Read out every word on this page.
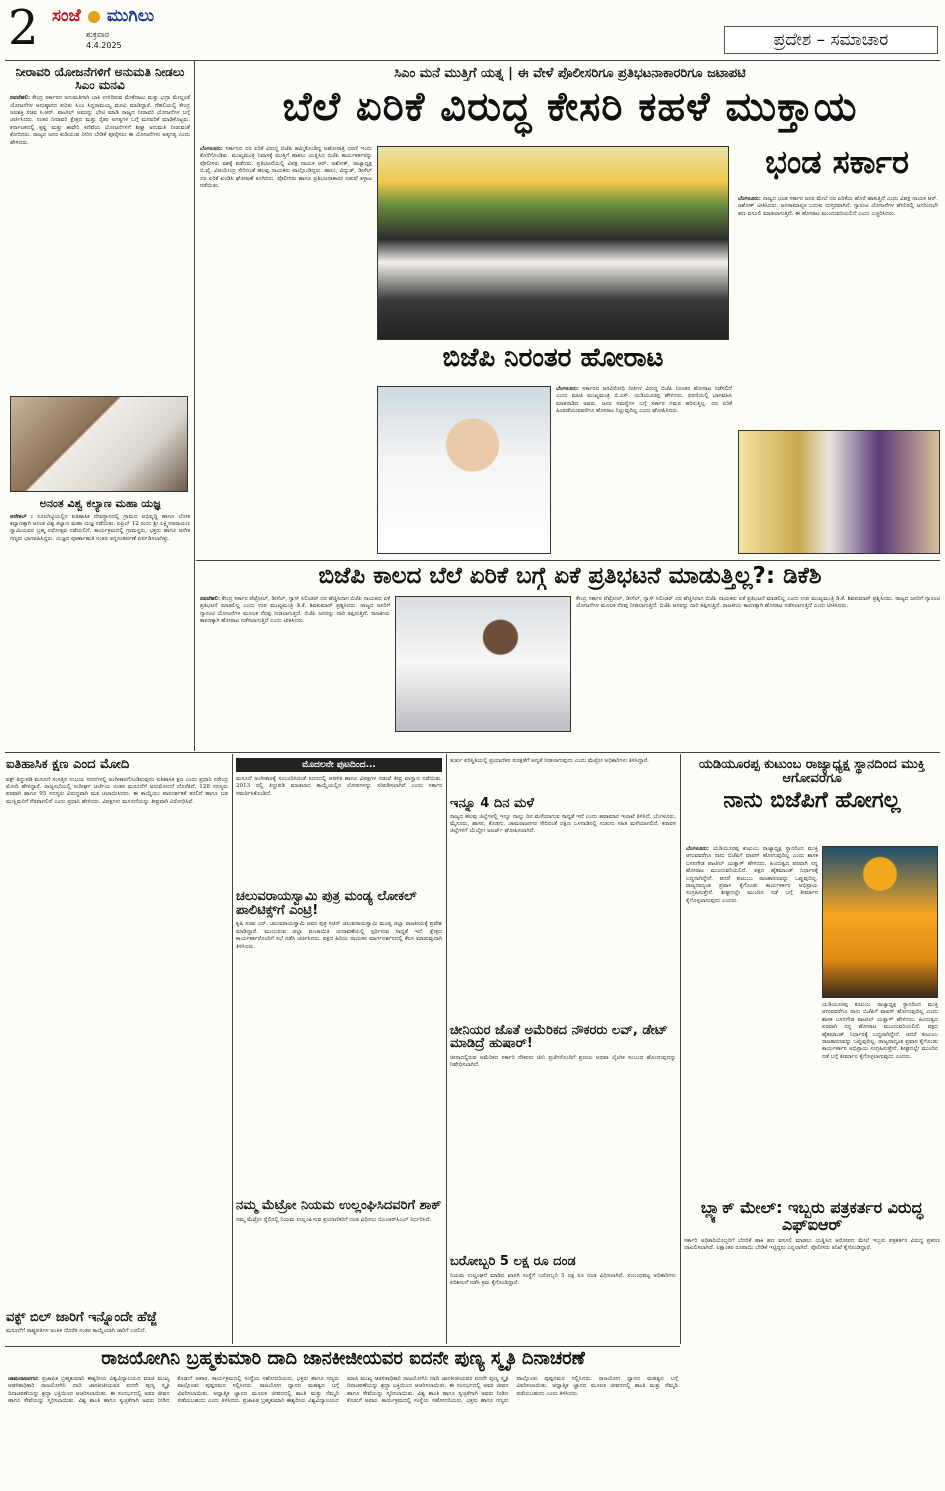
2 ಸಂಜೆ ಮುಗಿಲು
ಶುಕ್ರವಾರ
4.4.2025	ಪ್ರದೇಶ – ಸಮಾಚಾರ
ನೀರಾವರಿ ಯೋಜನೆಗಳಿಗೆ ಅನುಮತಿ ನೀಡಲು ಸಿಎಂ ಮನವಿ
ನವದೆಹಲಿ: ಕೇಂದ್ರ ಸರ್ಕಾರದ ಅನುಮತಿಗಾಗಿ ಬಾಕಿ ಉಳಿದಿರುವ ಮೇಕೆದಾಟು ಮತ್ತು ಭದ್ರಾ ಮೇಲ್ದಂಡೆ ಯೋಜನೆಗಳ ಅನುಷ್ಠಾನದ ಕುರಿತು ಸಿಎಂ ಸಿದ್ದರಾಮಯ್ಯ ಮನವಿ ಮಾಡಿದ್ದಾರೆ. ದೆಹಲಿಯಲ್ಲಿ ಕೇಂದ್ರ ಜಲಶಕ್ತಿ ಸಚಿವ ಸಿ.ಆರ್. ಪಾಟೀಲ್ ಅವರನ್ನು ಭೇಟಿ ಮಾಡಿ ರಾಜ್ಯದ ನೀರಾವರಿ ಯೋಜನೆಗಳ ಬಗ್ಗೆ ಚರ್ಚಿಸಿದರು. ನಂತರ ನೀರಾವರಿ ಕ್ಷೇತ್ರದ ಮತ್ತು ರೈತರ ಅಗತ್ಯಗಳ ಬಗ್ಗೆ ಮನವರಿಕೆ ಮಾಡಿಕೊಟ್ಟರು. ಕರ್ನಾಟಕದಲ್ಲಿ ಕೃಷ್ಣ ಮತ್ತು ಕಾವೇರಿ ಕಣಿವೆಯ ಯೋಜನೆಗಳಿಗೆ ಶೀಘ್ರ ಅನುಮತಿ ನೀಡುವಂತೆ ಕೋರಿದರು. ರಾಜ್ಯದ ಜನರ ಕುಡಿಯುವ ನೀರಿನ ಬೇಡಿಕೆ ಪೂರೈಸಲು ಈ ಯೋಜನೆಗಳು ಅತ್ಯಗತ್ಯ ಎಂದು ಹೇಳಿದರು.
ಅನಂತ ವಿಶ್ವ ಕಲ್ಯಾಣ ಮಹಾ ಯಜ್ಞ
ಆನೇಕಲ್ : ಸೂಲಗಿಟ್ಟಿಯಲ್ಲಿನ ಐತಿಹಾಸಿಕ ದೇವಸ್ಥಾನದಲ್ಲಿ ಗ್ರಾಮದ ಅಭಿವೃದ್ಧಿ ಹಾಗೂ ಲೋಕ ಕಲ್ಯಾಣಕ್ಕಾಗಿ ಅನಂತ ವಿಶ್ವ ಕಲ್ಯಾಣ ಮಹಾ ಯಜ್ಞ ನಡೆಯಿತು. ಏಪ್ರಿಲ್ 12 ರಂದು ಶ್ರೀ ಲಕ್ಷ್ಮೀನಾರಾಯಣ ಸ್ವಾಮಿಯವರ ಬ್ರಹ್ಮ ರಥೋತ್ಸವ ನಡೆಯಲಿದೆ. ಕಾರ್ಯಕ್ರಮದಲ್ಲಿ ಗ್ರಾಮಸ್ಥರು, ಭಕ್ತರು ಹಾಗೂ ಅನೇಕ ಗಣ್ಯರು ಭಾಗವಹಿಸಿದ್ದರು. ಯಜ್ಞದ ಪೂರ್ಣಾಹುತಿ ನಂತರ ಅನ್ನಸಂತರ್ಪಣೆ ಏರ್ಪಡಿಸಲಾಗಿತ್ತು.
ಸಿಎಂ ಮನೆ ಮುತ್ತಿಗೆ ಯತ್ನ | ಈ ವೇಳೆ ಪೊಲೀಸರಿಗೂ ಪ್ರತಿಭಟನಾಕಾರರಿಗೂ ಜಟಾಪಟಿ
ಬೆಲೆ ಏರಿಕೆ ವಿರುದ್ಧ ಕೇಸರಿ ಕಹಳೆ ಮುಕ್ತಾಯ
ಬೆಂಗಳೂರು: ಸರ್ಕಾರದ ದರ ಏರಿಕೆ ವಿರುದ್ಧ ಬಿಜೆಪಿ ಹಮ್ಮಿಕೊಂಡಿದ್ದ ಅಹೋರಾತ್ರಿ ಧರಣಿ ಇಂದು ಕೊನೆಗೊಂಡಿತು. ಮುಖ್ಯಮಂತ್ರಿ ನಿವಾಸಕ್ಕೆ ಮುತ್ತಿಗೆ ಹಾಕಲು ಯತ್ನಿಸಿದ ಬಿಜೆಪಿ ಕಾರ್ಯಕರ್ತರನ್ನು ಪೊಲೀಸರು ವಶಕ್ಕೆ ಪಡೆದರು. ಪ್ರತಿಭಟನೆಯಲ್ಲಿ ವಿಪಕ್ಷ ನಾಯಕ ಆರ್. ಅಶೋಕ್, ರಾಜ್ಯಾಧ್ಯಕ್ಷ ಬಿ.ವೈ. ವಿಜಯೇಂದ್ರ ಸೇರಿದಂತೆ ಹಲವು ನಾಯಕರು ಪಾಲ್ಗೊಂಡಿದ್ದರು. ಹಾಲು, ವಿದ್ಯುತ್, ಡೀಸೆಲ್ ದರ ಏರಿಕೆ ಖಂಡಿಸಿ ಘೋಷಣೆ ಕೂಗಿದರು. ಪೊಲೀಸರು ಹಾಗೂ ಪ್ರತಿಭಟನಾಕಾರರ ನಡುವೆ ತಳ್ಳಾಟ ನಡೆಯಿತು.
ಭಂಡ ಸರ್ಕಾರ
ಬೆಂಗಳೂರು: ರಾಜ್ಯದ ಭಂಡ ಸರ್ಕಾರ ಜನರ ಮೇಲೆ ದರ ಏರಿಕೆಯ ಹೊರೆ ಹಾಕುತ್ತಿದೆ ಎಂದು ವಿಪಕ್ಷ ನಾಯಕ ಆರ್. ಅಶೋಕ್ ಟೀಕಿಸಿದರು. ಜನಸಾಮಾನ್ಯರ ಬದುಕು ದುಸ್ತರವಾಗಿದೆ. ಗ್ಯಾರಂಟಿ ಯೋಜನೆಗಳ ಹೆಸರಿನಲ್ಲಿ ಜನರಿಂದಲೇ ಹಣ ವಸೂಲಿ ಮಾಡಲಾಗುತ್ತಿದೆ. ಈ ಹೋರಾಟ ಮುಂದುವರಿಯಲಿದೆ ಎಂದು ಎಚ್ಚರಿಸಿದರು.
ಬಿಜೆಪಿ ನಿರಂತರ ಹೋರಾಟ
ಬೆಂಗಳೂರು: ಸರ್ಕಾರದ ಜನವಿರೋಧಿ ನೀತಿಗಳ ವಿರುದ್ಧ ಬಿಜೆಪಿ ನಿರಂತರ ಹೋರಾಟ ನಡೆಸಲಿದೆ ಎಂದು ಮಾಜಿ ಮುಖ್ಯಮಂತ್ರಿ ಬಿ.ಎಸ್. ಯಡಿಯೂರಪ್ಪ ಹೇಳಿದರು. ಧರಣಿಯಲ್ಲಿ ಭಾಗವಹಿಸಿ ಮಾತನಾಡಿದ ಅವರು, ಜನರ ಸಮಸ್ಯೆಗಳ ಬಗ್ಗೆ ಸರ್ಕಾರ ಗಮನ ಹರಿಸುತ್ತಿಲ್ಲ. ದರ ಏರಿಕೆ ಹಿಂಪಡೆಯುವವರೆಗೂ ಹೋರಾಟ ನಿಲ್ಲುವುದಿಲ್ಲ ಎಂದು ಘೋಷಿಸಿದರು.
ಬಿಜೆಪಿ ಕಾಲದ ಬೆಲೆ ಏರಿಕೆ ಬಗ್ಗೆ ಏಕೆ ಪ್ರತಿಭಟನೆ ಮಾಡುತ್ತಿಲ್ಲ?: ಡಿಕೆಶಿ
ನವದೆಹಲಿ: ಕೇಂದ್ರ ಸರ್ಕಾರ ಪೆಟ್ರೋಲ್, ಡೀಸೆಲ್, ಗ್ಯಾಸ್ ಸಿಲಿಂಡರ್ ದರ ಹೆಚ್ಚಿಸಿದಾಗ ಬಿಜೆಪಿ ನಾಯಕರು ಏಕೆ ಪ್ರತಿಭಟನೆ ಮಾಡಲಿಲ್ಲ ಎಂದು ಉಪ ಮುಖ್ಯಮಂತ್ರಿ ಡಿ.ಕೆ. ಶಿವಕುಮಾರ್ ಪ್ರಶ್ನಿಸಿದರು. ರಾಜ್ಯದ ಜನರಿಗೆ ಗ್ಯಾರಂಟಿ ಯೋಜನೆಗಳ ಮೂಲಕ ನೆರವು ನೀಡಲಾಗುತ್ತಿದೆ. ಬಿಜೆಪಿ ಜನರನ್ನು ದಾರಿ ತಪ್ಪಿಸುತ್ತಿದೆ. ರಾಜಕೀಯ ಕಾರಣಕ್ಕಾಗಿ ಹೋರಾಟ ನಡೆಸಲಾಗುತ್ತಿದೆ ಎಂದು ಟೀಕಿಸಿದರು.
ಕೇಂದ್ರ ಸರ್ಕಾರ ಪೆಟ್ರೋಲ್, ಡೀಸೆಲ್, ಗ್ಯಾಸ್ ಸಿಲಿಂಡರ್ ದರ ಹೆಚ್ಚಿಸಿದಾಗ ಬಿಜೆಪಿ ನಾಯಕರು ಏಕೆ ಪ್ರತಿಭಟನೆ ಮಾಡಲಿಲ್ಲ ಎಂದು ಉಪ ಮುಖ್ಯಮಂತ್ರಿ ಡಿ.ಕೆ. ಶಿವಕುಮಾರ್ ಪ್ರಶ್ನಿಸಿದರು. ರಾಜ್ಯದ ಜನರಿಗೆ ಗ್ಯಾರಂಟಿ ಯೋಜನೆಗಳ ಮೂಲಕ ನೆರವು ನೀಡಲಾಗುತ್ತಿದೆ. ಬಿಜೆಪಿ ಜನರನ್ನು ದಾರಿ ತಪ್ಪಿಸುತ್ತಿದೆ. ರಾಜಕೀಯ ಕಾರಣಕ್ಕಾಗಿ ಹೋರಾಟ ನಡೆಸಲಾಗುತ್ತಿದೆ ಎಂದು ಟೀಕಿಸಿದರು.
ಐತಿಹಾಸಿಕ ಕ್ಷಣ ಎಂದ ಮೋದಿ
ವಕ್ಫ್ ತಿದ್ದುಪಡಿ ಮಸೂದೆ ಸಂಸತ್ತಿನ ಉಭಯ ಸದನಗಳಲ್ಲಿ ಅಂಗೀಕಾರಗೊಂಡಿರುವುದು ಐತಿಹಾಸಿಕ ಕ್ಷಣ ಎಂದು ಪ್ರಧಾನಿ ನರೇಂದ್ರ ಮೋದಿ ಹೇಳಿದ್ದಾರೆ. ರಾಜ್ಯಸಭೆಯಲ್ಲಿ ಸುದೀರ್ಘ ಚರ್ಚೆಯ ನಂತರ ಮಸೂದೆಗೆ ಅನುಮೋದನೆ ದೊರೆತಿದೆ. 128 ಸದಸ್ಯರು ಪರವಾಗಿ ಹಾಗೂ 95 ಸದಸ್ಯರು ವಿರುದ್ಧವಾಗಿ ಮತ ಚಲಾಯಿಸಿದರು. ಈ ಕಾಯ್ದೆಯು ಪಾರದರ್ಶಕತೆ ತರಲಿದೆ ಹಾಗೂ ಬಡ ಮುಸ್ಲಿಮರಿಗೆ ನೆರವಾಗಲಿದೆ ಎಂದು ಪ್ರಧಾನಿ ಹೇಳಿದರು. ವಿಪಕ್ಷಗಳು ಮಸೂದೆಯನ್ನು ತೀವ್ರವಾಗಿ ವಿರೋಧಿಸಿವೆ.
ವಕ್ಫ್ ಬಿಲ್ ಜಾರಿಗೆ ಇನ್ನೊಂದೇ ಹೆಜ್ಜೆ
ಮಸೂದೆಗೆ ರಾಷ್ಟ್ರಪತಿಗಳ ಅಂಕಿತ ದೊರೆತ ನಂತರ ಕಾಯ್ದೆಯಾಗಿ ಜಾರಿಗೆ ಬರಲಿದೆ.
ಮೊದಲನೇ ಪುಟದಿಂದ...
ಮಸೂದೆ ಅಂಗೀಕಾರಕ್ಕೆ ಸಂಬಂಧಿಸಿದಂತೆ ಸದನದಲ್ಲಿ ಆಡಳಿತ ಹಾಗೂ ವಿಪಕ್ಷಗಳ ನಡುವೆ ತೀವ್ರ ವಾಗ್ವಾದ ನಡೆಯಿತು. 2013 ರಲ್ಲಿ ತಿದ್ದುಪಡಿ ಮಾಡಲಾದ ಕಾಯ್ದೆಯಲ್ಲಿನ ಲೋಪಗಳನ್ನು ಸರಿಪಡಿಸಲಾಗಿದೆ ಎಂದು ಸರ್ಕಾರ ಸಮರ್ಥಿಸಿಕೊಂಡಿದೆ.
ಚಲುವರಾಯಸ್ವಾಮಿ ಪುತ್ರ ಮಂಡ್ಯ ಲೋಕಲ್ ಪಾಲಿಟಿಕ್ಸ್‌ಗೆ ಎಂಟ್ರಿ!
ಕೃಷಿ ಸಚಿವ ಎನ್. ಚಲುವರಾಯಸ್ವಾಮಿ ಅವರ ಪುತ್ರ ಸಚಿನ್ ಚಲುವರಾಯಸ್ವಾಮಿ ಮಂಡ್ಯ ಜಿಲ್ಲಾ ರಾಜಕೀಯಕ್ಕೆ ಪ್ರವೇಶ ಮಾಡಿದ್ದಾರೆ. ಮುಂಬರುವ ಜಿಲ್ಲಾ ಪಂಚಾಯಿತಿ ಚುನಾವಣೆಯಲ್ಲಿ ಸ್ಪರ್ಧಿಸುವ ಸಾಧ್ಯತೆ ಇದೆ. ಕ್ಷೇತ್ರದ ಕಾರ್ಯಕರ್ತರೊಂದಿಗೆ ಸಭೆ ನಡೆಸಿ ಚರ್ಚಿಸಿದರು. ಪಕ್ಷದ ಹಿರಿಯ ನಾಯಕರ ಮಾರ್ಗದರ್ಶನದಲ್ಲಿ ಕೆಲಸ ಮಾಡುವುದಾಗಿ ತಿಳಿಸಿದರು.
ನಮ್ಮ ಮೆಟ್ರೋ ನಿಯಮ ಉಲ್ಲಂಘಿಸಿದವರಿಗೆ ಶಾಕ್
ನಮ್ಮ ಮೆಟ್ರೋ ರೈಲಿನಲ್ಲಿ ನಿಯಮ ಉಲ್ಲಂಘಿಸುವ ಪ್ರಯಾಣಿಕರಿಗೆ ದಂಡ ವಿಧಿಸಲು ಬಿಎಂಆರ್‌ಸಿಎಲ್ ನಿರ್ಧರಿಸಿದೆ.
ತುರ್ತು ಪರಿಸ್ಥಿತಿಯಲ್ಲಿ ಪ್ರಯಾಣಿಕರ ಸುರಕ್ಷತೆಗೆ ಆದ್ಯತೆ ನೀಡಲಾಗುವುದು ಎಂದು ಮೆಟ್ರೋ ಅಧಿಕಾರಿಗಳು ತಿಳಿಸಿದ್ದಾರೆ.
ಇನ್ನೂ 4 ದಿನ ಮಳೆ
ರಾಜ್ಯದ ಹಲವು ಜಿಲ್ಲೆಗಳಲ್ಲಿ ಇನ್ನೂ ನಾಲ್ಕು ದಿನ ಮಳೆಯಾಗುವ ಸಾಧ್ಯತೆ ಇದೆ ಎಂದು ಹವಾಮಾನ ಇಲಾಖೆ ತಿಳಿಸಿದೆ. ಬೆಂಗಳೂರು, ಮೈಸೂರು, ಹಾಸನ, ಕೊಡಗು, ಚಾಮರಾಜನಗರ ಸೇರಿದಂತೆ ದಕ್ಷಿಣ ಒಳನಾಡಿನಲ್ಲಿ ಗುಡುಗು ಸಹಿತ ಮಳೆಯಾಗಲಿದೆ. ಕರಾವಳಿ ಜಿಲ್ಲೆಗಳಿಗೆ ಯೆಲ್ಲೋ ಅಲರ್ಟ್ ಘೋಷಿಸಲಾಗಿದೆ.
ಚೀನಿಯರ ಜೊತೆ ಅಮೆರಿಕದ ನೌಕರರು ಲವ್, ಡೇಟ್ ಮಾಡಿದ್ರೆ ಹುಷಾರ್!
ಚೀನಾದಲ್ಲಿರುವ ಅಮೆರಿಕದ ಸರ್ಕಾರಿ ನೌಕರರು ಚೀನಿ ಪ್ರಜೆಗಳೊಂದಿಗೆ ಪ್ರಣಯ ಅಥವಾ ಲೈಂಗಿಕ ಸಂಬಂಧ ಹೊಂದುವುದನ್ನು ನಿಷೇಧಿಸಲಾಗಿದೆ.
ಬರೋಬ್ಬರಿ 5 ಲಕ್ಷ ರೂ ದಂಡ
ನಿಯಮ ಉಲ್ಲಂಘನೆ ಮಾಡಿದ ಖಾಸಗಿ ಸಂಸ್ಥೆಗೆ ಬರೋಬ್ಬರಿ 5 ಲಕ್ಷ ರೂ ದಂಡ ವಿಧಿಸಲಾಗಿದೆ. ಸಂಬಂಧಪಟ್ಟ ಅಧಿಕಾರಿಗಳು ಪರಿಶೀಲನೆ ನಡೆಸಿ ಕ್ರಮ ಕೈಗೊಂಡಿದ್ದಾರೆ.
ಯಡಿಯೂರಪ್ಪ ಕುಟುಂಬ ರಾಜ್ಯಾಧ್ಯಕ್ಷ ಸ್ಥಾನದಿಂದ ಮುಕ್ತಿ ಆಗೋವರೆಗೂ
ನಾನು ಬಿಜೆಪಿಗೆ ಹೋಗಲ್ಲ
ಬೆಂಗಳೂರು: ಯಡಿಯೂರಪ್ಪ ಕುಟುಂಬ ರಾಜ್ಯಾಧ್ಯಕ್ಷ ಸ್ಥಾನದಿಂದ ಮುಕ್ತಿ ಆಗುವವರೆಗೂ ನಾನು ಬಿಜೆಪಿಗೆ ವಾಪಸ್ ಹೋಗುವುದಿಲ್ಲ ಎಂದು ಶಾಸಕ ಬಸನಗೌಡ ಪಾಟೀಲ್ ಯತ್ನಾಳ್ ಹೇಳಿದರು. ಹಿಂದುತ್ವದ ಪರವಾಗಿ ನನ್ನ ಹೋರಾಟ ಮುಂದುವರಿಯಲಿದೆ. ಪಕ್ಷದ ಹೈಕಮಾಂಡ್ ನಿರ್ಧಾರಕ್ಕೆ ಬದ್ಧನಾಗಿದ್ದೇನೆ. ಆದರೆ ಕುಟುಂಬ ರಾಜಕಾರಣವನ್ನು ಒಪ್ಪುವುದಿಲ್ಲ. ರಾಜ್ಯದಾದ್ಯಂತ ಪ್ರವಾಸ ಕೈಗೊಂಡು ಕಾರ್ಯಕರ್ತರ ಅಭಿಪ್ರಾಯ ಸಂಗ್ರಹಿಸುತ್ತೇನೆ. ಶೀಘ್ರದಲ್ಲೇ ಮುಂದಿನ ನಡೆ ಬಗ್ಗೆ ತೀರ್ಮಾನ ಕೈಗೊಳ್ಳಲಾಗುವುದು ಎಂದರು.
ಯಡಿಯೂರಪ್ಪ ಕುಟುಂಬ ರಾಜ್ಯಾಧ್ಯಕ್ಷ ಸ್ಥಾನದಿಂದ ಮುಕ್ತಿ ಆಗುವವರೆಗೂ ನಾನು ಬಿಜೆಪಿಗೆ ವಾಪಸ್ ಹೋಗುವುದಿಲ್ಲ ಎಂದು ಶಾಸಕ ಬಸನಗೌಡ ಪಾಟೀಲ್ ಯತ್ನಾಳ್ ಹೇಳಿದರು. ಹಿಂದುತ್ವದ ಪರವಾಗಿ ನನ್ನ ಹೋರಾಟ ಮುಂದುವರಿಯಲಿದೆ. ಪಕ್ಷದ ಹೈಕಮಾಂಡ್ ನಿರ್ಧಾರಕ್ಕೆ ಬದ್ಧನಾಗಿದ್ದೇನೆ. ಆದರೆ ಕುಟುಂಬ ರಾಜಕಾರಣವನ್ನು ಒಪ್ಪುವುದಿಲ್ಲ. ರಾಜ್ಯದಾದ್ಯಂತ ಪ್ರವಾಸ ಕೈಗೊಂಡು ಕಾರ್ಯಕರ್ತರ ಅಭಿಪ್ರಾಯ ಸಂಗ್ರಹಿಸುತ್ತೇನೆ. ಶೀಘ್ರದಲ್ಲೇ ಮುಂದಿನ ನಡೆ ಬಗ್ಗೆ ತೀರ್ಮಾನ ಕೈಗೊಳ್ಳಲಾಗುವುದು ಎಂದರು.
ಬ್ಲ್ಯಾಕ್ ಮೇಲ್: ಇಬ್ಬರು ಪತ್ರಕರ್ತರ ವಿರುದ್ಧ ಎಫ್‌ಐಆರ್
ಸರ್ಕಾರಿ ಅಧಿಕಾರಿಯೊಬ್ಬರಿಗೆ ಬೆದರಿಕೆ ಹಾಕಿ ಹಣ ವಸೂಲಿ ಮಾಡಲು ಯತ್ನಿಸಿದ ಆರೋಪದ ಮೇಲೆ ಇಬ್ಬರು ಪತ್ರಕರ್ತರ ವಿರುದ್ಧ ಪ್ರಕರಣ ದಾಖಲಿಸಲಾಗಿದೆ. ಲಕ್ಷಾಂತರ ರೂಪಾಯಿ ಬೇಡಿಕೆ ಇಟ್ಟಿದ್ದರು ಎನ್ನಲಾಗಿದೆ. ಪೊಲೀಸರು ತನಿಖೆ ಕೈಗೊಂಡಿದ್ದಾರೆ.
ರಾಜಯೋಗಿನಿ ಬ್ರಹ್ಮಕುಮಾರಿ ದಾದಿ ಜಾನಕೀಜೀಯವರ ಐದನೇ ಪುಣ್ಯ ಸ್ಮೃತಿ ದಿನಾಚರಣೆ
ಚಾಮರಾಜನಗರ: ಪ್ರಜಾಪಿತ ಬ್ರಹ್ಮಕುಮಾರಿ ಈಶ್ವರೀಯ ವಿಶ್ವವಿದ್ಯಾಲಯದ ಮಾಜಿ ಮುಖ್ಯ ಆಡಳಿತಾಧಿಕಾರಿ ರಾಜಯೋಗಿನಿ ದಾದಿ ಜಾನಕೀಜೀಯವರ ಐದನೇ ಪುಣ್ಯ ಸ್ಮೃತಿ ದಿನಾಚರಣೆಯನ್ನು ಶ್ರದ್ಧಾ ಭಕ್ತಿಯಿಂದ ಆಚರಿಸಲಾಯಿತು. ಈ ಸಂದರ್ಭದಲ್ಲಿ ಅವರ ಜೀವನ ಹಾಗೂ ಸೇವೆಯನ್ನು ಸ್ಮರಿಸಲಾಯಿತು. ವಿಶ್ವ ಶಾಂತಿ ಹಾಗೂ ಸ್ವಚ್ಛತೆಗಾಗಿ ಅವರು ನೀಡಿದ ಕೊಡುಗೆ ಅಪಾರ. ಕಾರ್ಯಕ್ರಮದಲ್ಲಿ ಸಂಸ್ಥೆಯ ಸಹೋದರಿಯರು, ಭಕ್ತರು ಹಾಗೂ ಗಣ್ಯರು ಪಾಲ್ಗೊಂಡು ಪುಷ್ಪನಮನ ಸಲ್ಲಿಸಿದರು. ರಾಜಯೋಗ ಧ್ಯಾನದ ಮಹತ್ವದ ಬಗ್ಗೆ ವಿವರಿಸಲಾಯಿತು. ಆಧ್ಯಾತ್ಮಿಕ ಜ್ಞಾನದ ಮೂಲಕ ಜೀವನದಲ್ಲಿ ಶಾಂತಿ ಮತ್ತು ನೆಮ್ಮದಿ ಪಡೆಯಬಹುದು ಎಂದು ತಿಳಿಸಿದರು. ಪ್ರಜಾಪಿತ ಬ್ರಹ್ಮಕುಮಾರಿ ಈಶ್ವರೀಯ ವಿಶ್ವವಿದ್ಯಾಲಯದ ಮಾಜಿ ಮುಖ್ಯ ಆಡಳಿತಾಧಿಕಾರಿ ರಾಜಯೋಗಿನಿ ದಾದಿ ಜಾನಕೀಜೀಯವರ ಐದನೇ ಪುಣ್ಯ ಸ್ಮೃತಿ ದಿನಾಚರಣೆಯನ್ನು ಶ್ರದ್ಧಾ ಭಕ್ತಿಯಿಂದ ಆಚರಿಸಲಾಯಿತು. ಈ ಸಂದರ್ಭದಲ್ಲಿ ಅವರ ಜೀವನ ಹಾಗೂ ಸೇವೆಯನ್ನು ಸ್ಮರಿಸಲಾಯಿತು. ವಿಶ್ವ ಶಾಂತಿ ಹಾಗೂ ಸ್ವಚ್ಛತೆಗಾಗಿ ಅವರು ನೀಡಿದ ಕೊಡುಗೆ ಅಪಾರ. ಕಾರ್ಯಕ್ರಮದಲ್ಲಿ ಸಂಸ್ಥೆಯ ಸಹೋದರಿಯರು, ಭಕ್ತರು ಹಾಗೂ ಗಣ್ಯರು ಪಾಲ್ಗೊಂಡು ಪುಷ್ಪನಮನ ಸಲ್ಲಿಸಿದರು. ರಾಜಯೋಗ ಧ್ಯಾನದ ಮಹತ್ವದ ಬಗ್ಗೆ ವಿವರಿಸಲಾಯಿತು. ಆಧ್ಯಾತ್ಮಿಕ ಜ್ಞಾನದ ಮೂಲಕ ಜೀವನದಲ್ಲಿ ಶಾಂತಿ ಮತ್ತು ನೆಮ್ಮದಿ ಪಡೆಯಬಹುದು ಎಂದು ತಿಳಿಸಿದರು.
